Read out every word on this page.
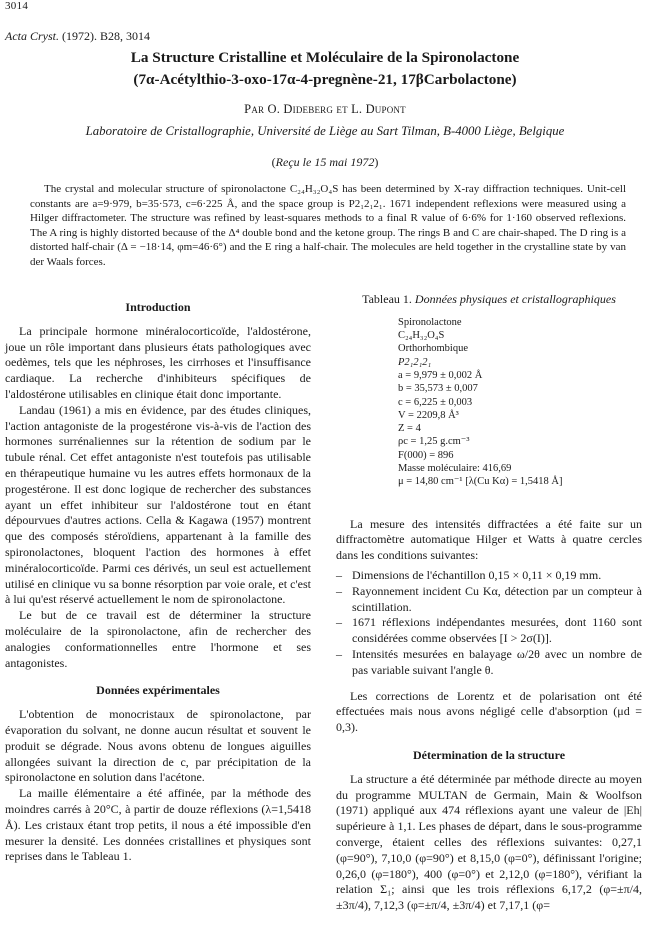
3014
Acta Cryst. (1972). B28, 3014
La Structure Cristalline et Moléculaire de la Spironolactone
(7α-Acétylthio-3-oxo-17α-4-pregnène-21, 17βCarbolactone)
Par O. Dideberg et L. Dupont
Laboratoire de Cristallographie, Université de Liège au Sart Tilman, B-4000 Liège, Belgique
(Reçu le 15 mai 1972)

The crystal and molecular structure of spironolactone C₂₄H₃₂O₄S has been determined by X-ray diffraction techniques. Unit-cell constants are a=9·979, b=35·573, c=6·225 Å, and the space group is P2₁2₁2₁. 1671 independent reflexions were measured using a Hilger diffractometer. The structure was refined by least-squares methods to a final R value of 6·6% for 1·160 observed reflexions. The A ring is highly distorted because of the Δ⁴ double bond and the ketone group. The rings B and C are chair-shaped. The D ring is a distorted half-chair (Δ = −18·14, φm=46·6°) and the E ring a half-chair. The molecules are held together in the crystalline state by van der Waals forces.

Introduction

La principale hormone minéralocorticoïde, l'aldostérone, joue un rôle important dans plusieurs états pathologiques avec oedèmes, tels que les néphroses, les cirrhoses et l'insuffisance cardiaque. La recherche d'inhibiteurs spécifiques de l'aldostérone utilisables en clinique était donc importante.

Landau (1961) a mis en évidence, par des études cliniques, l'action antagoniste de la progestérone vis-à-vis de l'action des hormones surrénaliennes sur la rétention de sodium par le tubule rénal. Cet effet antagoniste n'est toutefois pas utilisable en thérapeutique humaine vu les autres effets hormonaux de la progestérone. Il est donc logique de rechercher des substances ayant un effet inhibiteur sur l'aldostérone tout en étant dépourvues d'autres actions. Cella & Kagawa (1957) montrent que des composés stéroïdiens, appartenant à la famille des spironolactones, bloquent l'action des hormones à effet minéralocorticoïde. Parmi ces dérivés, un seul est actuellement utilisé en clinique vu sa bonne résorption par voie orale, et c'est à lui qu'est réservé actuellement le nom de spironolactone.

Le but de ce travail est de déterminer la structure moléculaire de la spironolactone, afin de rechercher des analogies conformationnelles entre l'hormone et ses antagonistes.

Données expérimentales

L'obtention de monocristaux de spironolactone, par évaporation du solvant, ne donne aucun résultat et souvent le produit se dégrade. Nous avons obtenu de longues aiguilles allongées suivant la direction de c, par précipitation de la spironolactone en solution dans l'acétone.

La maille élémentaire a été affinée, par la méthode des moindres carrés à 20°C, à partir de douze réflexions (λ=1,5418 Å). Les cristaux étant trop petits, il nous a été impossible d'en mesurer la densité. Les données cristallines et physiques sont reprises dans le Tableau 1.

Tableau 1. Données physiques et cristallographiques
Spironolactone
C₂₄H₃₂O₄S
Orthorhombique
P2₁2₁2₁
a = 9,979 ± 0,002 Å
b = 35,573 ± 0,007
c = 6,225 ± 0,003
V = 2209,8 Å³
Z = 4
ρc = 1,25 g.cm⁻³
F(000) = 896
Masse moléculaire: 416,69
μ = 14,80 cm⁻¹ [λ(Cu Kα) = 1,5418 Å]

La mesure des intensités diffractées a été faite sur un diffractomètre automatique Hilger et Watts à quatre cercles dans les conditions suivantes:

– Dimensions de l'échantillon 0,15 × 0,11 × 0,19 mm.
– Rayonnement incident Cu Kα, détection par un compteur à scintillation.
– 1671 réflexions indépendantes mesurées, dont 1160 sont considérées comme observées [I > 2σ(I)].
– Intensités mesurées en balayage ω/2θ avec un nombre de pas variable suivant l'angle θ.

Les corrections de Lorentz et de polarisation ont été effectuées mais nous avons négligé celle d'absorption (μd = 0,3).

Détermination de la structure

La structure a été déterminée par méthode directe au moyen du programme MULTAN de Germain, Main & Woolfson (1971) appliqué aux 474 réflexions ayant une valeur de |Eh| supérieure à 1,1. Les phases de départ, dans le sous-programme converge, étaient celles des réflexions suivantes: 0,27,1 (φ=90°), 7,10,0 (φ=90°) et 8,15,0 (φ=0°), définissant l'origine; 0,26,0 (φ=180°), 400 (φ=0°) et 2,12,0 (φ=180°), vérifiant la relation Σ₁; ainsi que les trois réflexions 6,17,2 (φ=±π/4, ±3π/4), 7,12,3 (φ=±π/4, ±3π/4) et 7,17,1 (φ=
